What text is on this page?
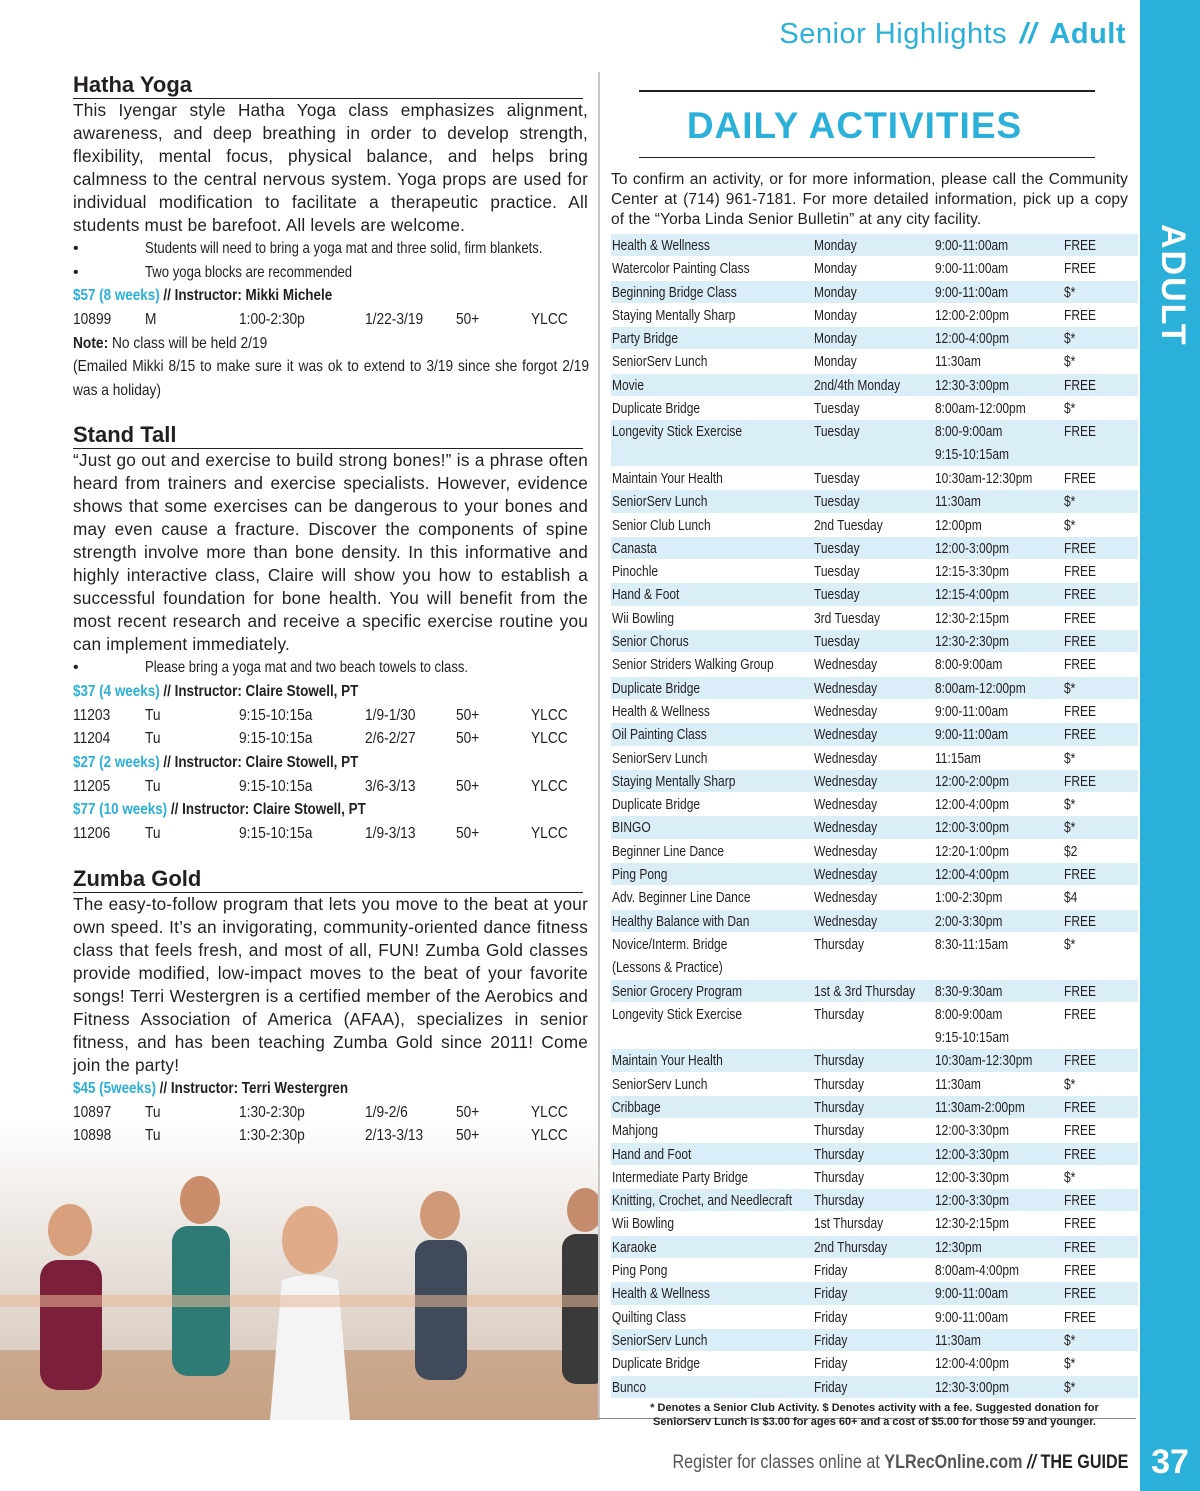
ADULT
37
Senior Highlights // Adult
Hatha Yoga

This Iyengar style Hatha Yoga class emphasizes alignment, awareness, and deep breathing in order to develop strength, flexibility, mental focus, physical balance, and helps bring calmness to the central nervous system. Yoga props are used for individual modification to facilitate a therapeutic practice. All students must be barefoot. All levels are welcome.

•	Students will need to bring a yoga mat and three solid, firm blankets.
•	Two yoga blocks are recommended
$57 (8 weeks) // Instructor: Mikki Michele
10899 M	1:00-2:30p	1/22-3/19 50+	YLCC
Note: No class will be held 2/19
(Emailed Mikki 8/15 to make sure it was ok to extend to 3/19 since she forgot 2/19 was a holiday)
Stand Tall

“Just go out and exercise to build strong bones!” is a phrase often heard from trainers and exercise specialists. However, evidence shows that some exercises can be dangerous to your bones and may even cause a fracture. Discover the components of spine strength involve more than bone density. In this informative and highly interactive class, Claire will show you how to establish a successful foundation for bone health. You will benefit from the most recent research and receive a specific exercise routine you can implement immediately.

•	Please bring a yoga mat and two beach towels to class.
$37 (4 weeks) // Instructor: Claire Stowell, PT
11203 Tu	9:15-10:15a	1/9-1/30	50+	YLCC
11204 Tu	9:15-10:15a	2/6-2/27	50+	YLCC
$27 (2 weeks) // Instructor: Claire Stowell, PT
11205 Tu	9:15-10:15a	3/6-3/13	50+	YLCC
$77 (10 weeks) // Instructor: Claire Stowell, PT
11206 Tu	9:15-10:15a	1/9-3/13	50+	YLCC
Zumba Gold

The easy-to-follow program that lets you move to the beat at your own speed. It’s an invigorating, community-oriented dance fitness class that feels fresh, and most of all, FUN! Zumba Gold classes provide modified, low-impact moves to the beat of your favorite songs! Terri Westergren is a certified member of the Aerobics and Fitness Association of America (AFAA), specializes in senior fitness, and has been teaching Zumba Gold since 2011! Come join the party!

$45 (5weeks) // Instructor: Terri Westergren
10897 Tu	1:30-2:30p	1/9-2/6	50+	YLCC
10898 Tu	1:30-2:30p	2/13-3/13 50+	YLCC
DAILY ACTIVITIES

To confirm an activity, or for more information, please call the Community Center at (714) 961-7181. For more detailed information, pick up a copy of the “Yorba Linda Senior Bulletin” at any city facility.

Health & Wellness	Monday	9:00-11:00am	FREE
Watercolor Painting Class	Monday	9:00-11:00am	FREE
Beginning Bridge Class	Monday	9:00-11:00am	$*
Staying Mentally Sharp	Monday	12:00-2:00pm	FREE
Party Bridge	Monday	12:00-4:00pm	$*
SeniorServ Lunch	Monday	11:30am	$*
Movie	2nd/4th Monday 12:30-3:00pm	FREE
Duplicate Bridge	Tuesday	8:00am-12:00pm	$*
Longevity Stick Exercise	Tuesday	8:00-9:00am	FREE
9:15-10:15am
Maintain Your Health	Tuesday	10:30am-12:30pm FREE
SeniorServ Lunch	Tuesday	11:30am	$*
Senior Club Lunch	2nd Tuesday	12:00pm	$*
Canasta	Tuesday	12:00-3:00pm	FREE
Pinochle	Tuesday	12:15-3:30pm	FREE
Hand & Foot	Tuesday	12:15-4:00pm	FREE
Wii Bowling	3rd Tuesday	12:30-2:15pm	FREE
Senior Chorus	Tuesday	12:30-2:30pm	FREE
Senior Striders Walking Group	Wednesday	8:00-9:00am	FREE
Duplicate Bridge	Wednesday	8:00am-12:00pm	$*
Health & Wellness	Wednesday	9:00-11:00am	FREE
Oil Painting Class	Wednesday	9:00-11:00am	FREE
SeniorServ Lunch	Wednesday	11:15am	$*
Staying Mentally Sharp	Wednesday	12:00-2:00pm	FREE
Duplicate Bridge	Wednesday	12:00-4:00pm	$*
BINGO	Wednesday	12:00-3:00pm	$*
Beginner Line Dance	Wednesday	12:20-1:00pm	$2
Ping Pong	Wednesday	12:00-4:00pm	FREE
Adv. Beginner Line Dance	Wednesday	1:00-2:30pm	$4
Healthy Balance with Dan	Wednesday	2:00-3:30pm	FREE
Novice/Interm. Bridge	Thursday	8:30-11:15am	$*
(Lessons & Practice)
Senior Grocery Program	1st & 3rd Thursday 8:30-9:30am	FREE
Longevity Stick Exercise	Thursday	8:00-9:00am	FREE
9:15-10:15am
Maintain Your Health	Thursday	10:30am-12:30pm FREE
SeniorServ Lunch	Thursday	11:30am	$*
Cribbage	Thursday	11:30am-2:00pm	FREE
Mahjong	Thursday	12:00-3:30pm	FREE
Hand and Foot	Thursday	12:00-3:30pm	FREE
Intermediate Party Bridge	Thursday	12:00-3:30pm	$*
Knitting, Crochet, and Needlecraft Thursday	12:00-3:30pm	FREE
Wii Bowling	1st Thursday	12:30-2:15pm	FREE
Karaoke	2nd Thursday	12:30pm	FREE
Ping Pong	Friday	8:00am-4:00pm	FREE
Health & Wellness	Friday	9:00-11:00am	FREE
Quilting Class	Friday	9:00-11:00am	FREE
SeniorServ Lunch	Friday	11:30am	$*
Duplicate Bridge	Friday	12:00-4:00pm	$*
Bunco	Friday	12:30-3:00pm	$*

* Denotes a Senior Club Activity. $ Denotes activity with a fee. Suggested donation for SeniorServ Lunch is $3.00 for ages 60+ and a cost of $5.00 for those 59 and younger.

Register for classes online at YLRecOnline.com // THE GUIDE
